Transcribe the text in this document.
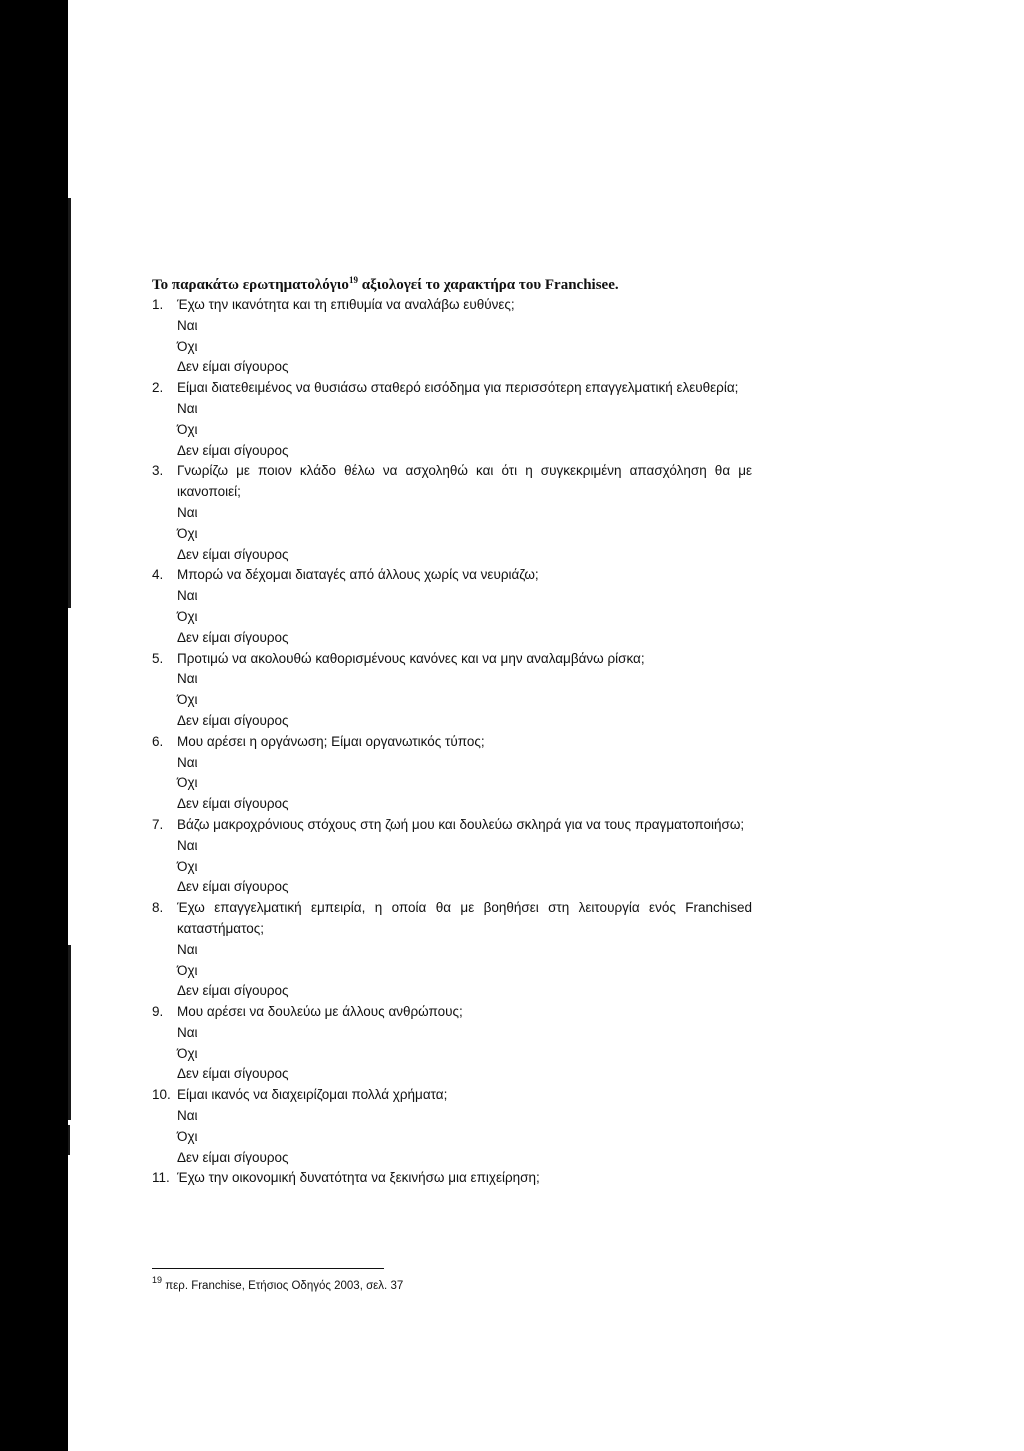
Το παρακάτω ερωτηματολόγιο$^{19}$ αξιολογεί το χαρακτήρα του Franchisee.

1.	Έχω την ικανότητα και τη επιθυμία να αναλάβω ευθύνες;
Ναι
Όχι
Δεν είμαι σίγουρος
2.	Είμαι διατεθειμένος να θυσιάσω σταθερό εισόδημα για περισσότερη επαγγελματική ελευθερία;
Ναι
Όχι
Δεν είμαι σίγουρος
3.	Γνωρίζω με ποιον κλάδο θέλω να ασχοληθώ και ότι η συγκεκριμένη απασχόληση θα με ικανοποιεί;
Ναι
Όχι
Δεν είμαι σίγουρος
4.	Μπορώ να δέχομαι διαταγές από άλλους χωρίς να νευριάζω;
Ναι
Όχι
Δεν είμαι σίγουρος
5.	Προτιμώ να ακολουθώ καθορισμένους κανόνες και να μην αναλαμβάνω ρίσκα;
Ναι
Όχι
Δεν είμαι σίγουρος
6.	Μου αρέσει η οργάνωση; Είμαι οργανωτικός τύπος;
Ναι
Όχι
Δεν είμαι σίγουρος
7.	Βάζω μακροχρόνιους στόχους στη ζωή μου και δουλεύω σκληρά για να τους πραγματοποιήσω;
Ναι
Όχι
Δεν είμαι σίγουρος
8.	Έχω επαγγελματική εμπειρία, η οποία θα με βοηθήσει στη λειτουργία ενός Franchised καταστήματος;
Ναι
Όχι
Δεν είμαι σίγουρος
9.	Μου αρέσει να δουλεύω με άλλους ανθρώπους;
Ναι
Όχι
Δεν είμαι σίγουρος
10. Είμαι ικανός να διαχειρίζομαι πολλά χρήματα;
Ναι
Όχι
Δεν είμαι σίγουρος
11. Έχω την οικονομική δυνατότητα να ξεκινήσω μια επιχείρηση;
$^{19}$ περ. Franchise, Ετήσιος Οδηγός 2003, σελ. 37
